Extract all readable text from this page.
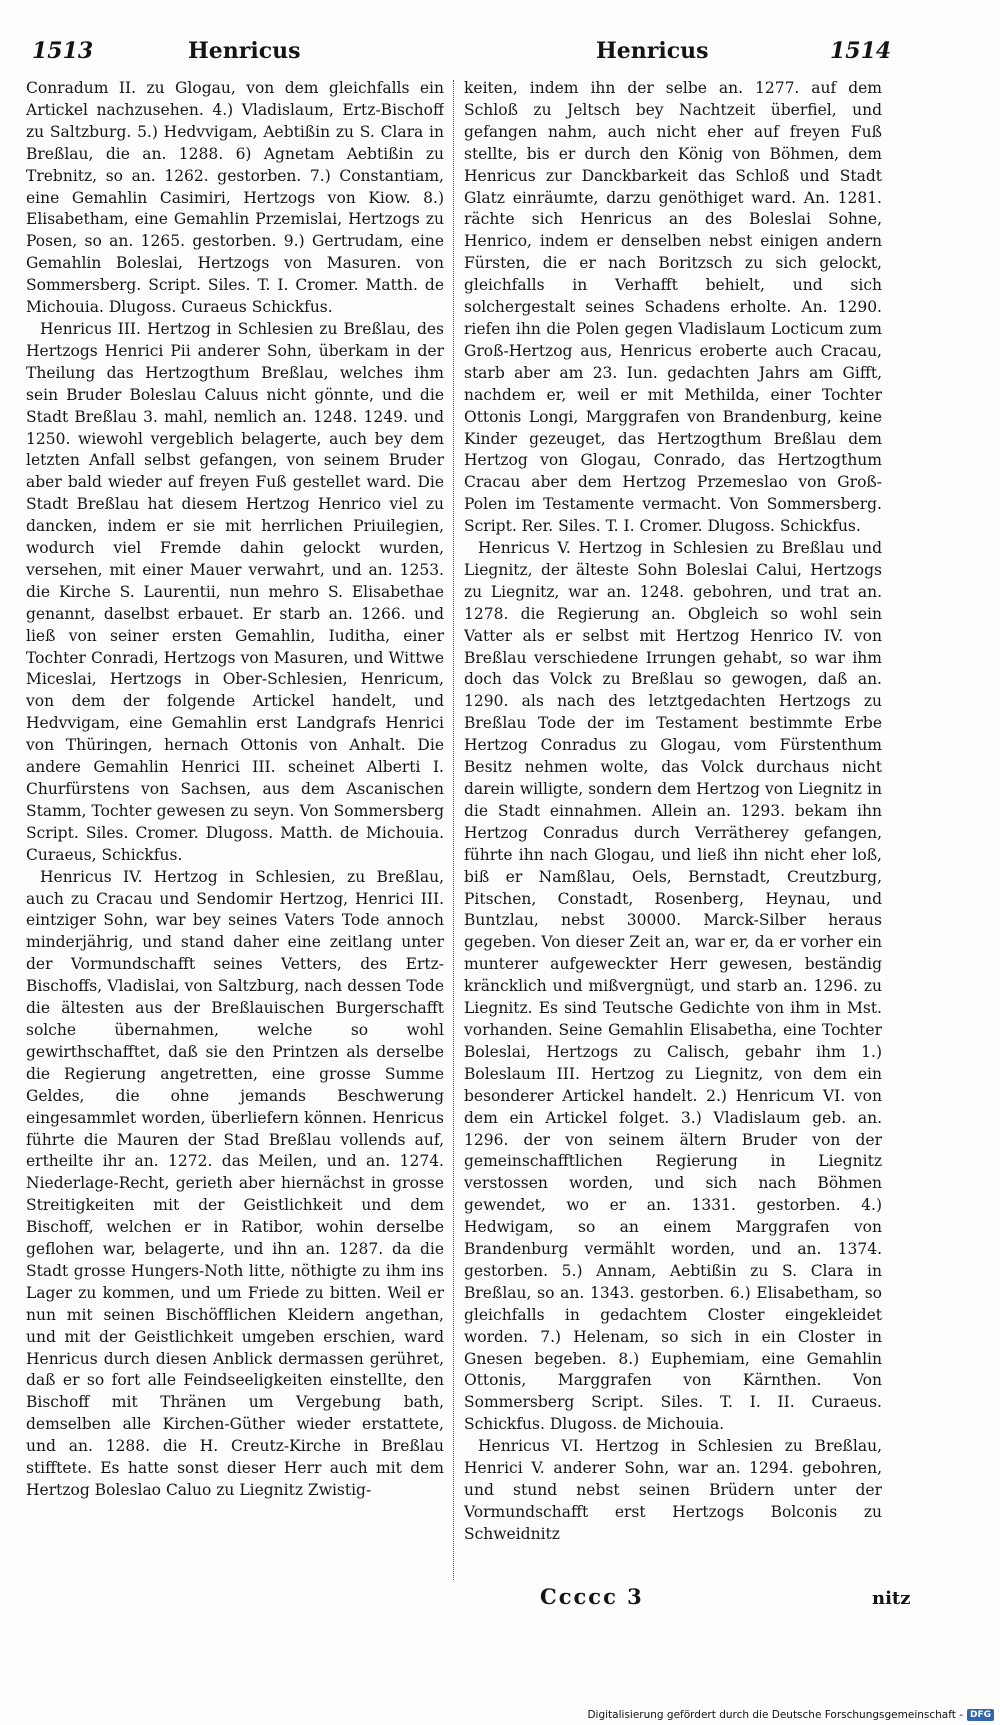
1513	Henricus	Henricus	1514

Conradum II. zu Glogau, von dem gleichfalls ein Artickel nachzusehen. 4.) Vladislaum, Ertz-Bischoff zu Saltzburg. 5.) Hedvvigam, Aebtißin zu S. Clara in Breßlau, die an. 1288. 6) Agnetam Aebtißin zu Trebnitz, so an. 1262. gestorben. 7.) Constantiam, eine Gemahlin Casimiri, Hertzogs von Kiow. 8.) Elisabetham, eine Gemahlin Przemislai, Hertzogs zu Posen, so an. 1265. gestorben. 9.) Gertrudam, eine Gemahlin Boleslai, Hertzogs von Masuren. von Sommersberg. Script. Siles. T. I. Cromer. Matth. de Michouia. Dlugoss. Curaeus Schickfus.

Henricus III. Hertzog in Schlesien zu Breßlau, des Hertzogs Henrici Pii anderer Sohn, überkam in der Theilung das Hertzogthum Breßlau, welches ihm sein Bruder Boleslau Caluus nicht gönnte, und die Stadt Breßlau 3. mahl, nemlich an. 1248. 1249. und 1250. wiewohl vergeblich belagerte, auch bey dem letzten Anfall selbst gefangen, von seinem Bruder aber bald wieder auf freyen Fuß gestellet ward. Die Stadt Breßlau hat diesem Hertzog Henrico viel zu dancken, indem er sie mit herrlichen Priuilegien, wodurch viel Fremde dahin gelockt wurden, versehen, mit einer Mauer verwahrt, und an. 1253. die Kirche S. Laurentii, nun mehro S. Elisabethae genannt, daselbst erbauet. Er starb an. 1266. und ließ von seiner ersten Gemahlin, Iuditha, einer Tochter Conradi, Hertzogs von Masuren, und Wittwe Miceslai, Hertzogs in Ober-Schlesien, Henricum, von dem der folgende Artickel handelt, und Hedvvigam, eine Gemahlin erst Landgrafs Henrici von Thüringen, hernach Ottonis von Anhalt. Die andere Gemahlin Henrici III. scheinet Alberti I. Churfürstens von Sachsen, aus dem Ascanischen Stamm, Tochter gewesen zu seyn. Von Sommersberg Script. Siles. Cromer. Dlugoss. Matth. de Michouia. Curaeus, Schickfus.

Henricus IV. Hertzog in Schlesien, zu Breßlau, auch zu Cracau und Sendomir Hertzog, Henrici III. eintziger Sohn, war bey seines Vaters Tode annoch minderjährig, und stand daher eine zeitlang unter der Vormundschafft seines Vetters, des Ertz-Bischoffs, Vladislai, von Saltzburg, nach dessen Tode die ältesten aus der Breßlauischen Burgerschafft solche übernahmen, welche so wohl gewirthschafftet, daß sie den Printzen als derselbe die Regierung angetretten, eine grosse Summe Geldes, die ohne jemands Beschwerung eingesammlet worden, überliefern können. Henricus führte die Mauren der Stad Breßlau vollends auf, ertheilte ihr an. 1272. das Meilen, und an. 1274. Niederlage-Recht, gerieth aber hiernächst in grosse Streitigkeiten mit der Geistlichkeit und dem Bischoff, welchen er in Ratibor, wohin derselbe geflohen war, belagerte, und ihn an. 1287. da die Stadt grosse Hungers-Noth litte, nöthigte zu ihm ins Lager zu kommen, und um Friede zu bitten. Weil er nun mit seinen Bischöfflichen Kleidern angethan, und mit der Geistlichkeit umgeben erschien, ward Henricus durch diesen Anblick dermassen gerühret, daß er so fort alle Feindseeligkeiten einstellte, den Bischoff mit Thränen um Vergebung bath, demselben alle Kirchen-Güther wieder erstattete, und an. 1288. die H. Creutz-Kirche in Breßlau stifftete. Es hatte sonst dieser Herr auch mit dem Hertzog Boleslao Caluo zu Liegnitz Zwistig-

keiten, indem ihn der selbe an. 1277. auf dem Schloß zu Jeltsch bey Nachtzeit überfiel, und gefangen nahm, auch nicht eher auf freyen Fuß stellte, bis er durch den König von Böhmen, dem Henricus zur Danckbarkeit das Schloß und Stadt Glatz einräumte, darzu genöthiget ward. An. 1281. rächte sich Henricus an des Boleslai Sohne, Henrico, indem er denselben nebst einigen andern Fürsten, die er nach Boritzsch zu sich gelockt, gleichfalls in Verhafft behielt, und sich solchergestalt seines Schadens erholte. An. 1290. riefen ihn die Polen gegen Vladislaum Locticum zum Groß-Hertzog aus, Henricus eroberte auch Cracau, starb aber am 23. Iun. gedachten Jahrs am Gifft, nachdem er, weil er mit Methilda, einer Tochter Ottonis Longi, Marggrafen von Brandenburg, keine Kinder gezeuget, das Hertzogthum Breßlau dem Hertzog von Glogau, Conrado, das Hertzogthum Cracau aber dem Hertzog Przemeslao von Groß-Polen im Testamente vermacht. Von Sommersberg. Script. Rer. Siles. T. I. Cromer. Dlugoss. Schickfus.

Henricus V. Hertzog in Schlesien zu Breßlau und Liegnitz, der älteste Sohn Boleslai Calui, Hertzogs zu Liegnitz, war an. 1248. gebohren, und trat an. 1278. die Regierung an. Obgleich so wohl sein Vatter als er selbst mit Hertzog Henrico IV. von Breßlau verschiedene Irrungen gehabt, so war ihm doch das Volck zu Breßlau so gewogen, daß an. 1290. als nach des letztgedachten Hertzogs zu Breßlau Tode der im Testament bestimmte Erbe Hertzog Conradus zu Glogau, vom Fürstenthum Besitz nehmen wolte, das Volck durchaus nicht darein willigte, sondern dem Hertzog von Liegnitz in die Stadt einnahmen. Allein an. 1293. bekam ihn Hertzog Conradus durch Verrätherey gefangen, führte ihn nach Glogau, und ließ ihn nicht eher loß, biß er Namßlau, Oels, Bernstadt, Creutzburg, Pitschen, Constadt, Rosenberg, Heynau, und Buntzlau, nebst 30000. Marck-Silber heraus gegeben. Von dieser Zeit an, war er, da er vorher ein munterer aufgeweckter Herr gewesen, beständig kräncklich und mißvergnügt, und starb an. 1296. zu Liegnitz. Es sind Teutsche Gedichte von ihm in Mst. vorhanden. Seine Gemahlin Elisabetha, eine Tochter Boleslai, Hertzogs zu Calisch, gebahr ihm 1.) Boleslaum III. Hertzog zu Liegnitz, von dem ein besonderer Artickel handelt. 2.) Henricum VI. von dem ein Artickel folget. 3.) Vladislaum geb. an. 1296. der von seinem ältern Bruder von der gemeinschafftlichen Regierung in Liegnitz verstossen worden, und sich nach Böhmen gewendet, wo er an. 1331. gestorben. 4.) Hedwigam, so an einem Marggrafen von Brandenburg vermählt worden, und an. 1374. gestorben. 5.) Annam, Aebtißin zu S. Clara in Breßlau, so an. 1343. gestorben. 6.) Elisabetham, so gleichfalls in gedachtem Closter eingekleidet worden. 7.) Helenam, so sich in ein Closter in Gnesen begeben. 8.) Euphemiam, eine Gemahlin Ottonis, Marggrafen von Kärnthen. Von Sommersberg Script. Siles. T. I. II. Curaeus. Schickfus. Dlugoss. de Michouia.

Henricus VI. Hertzog in Schlesien zu Breßlau, Henrici V. anderer Sohn, war an. 1294. gebohren, und stund nebst seinen Brüdern unter der Vormundschafft erst Hertzogs Bolconis zu Schweidnitz

Ccccc 3	nitz
Digitalisierung gefördert durch die Deutsche Forschungsgemeinschaft - DFG
